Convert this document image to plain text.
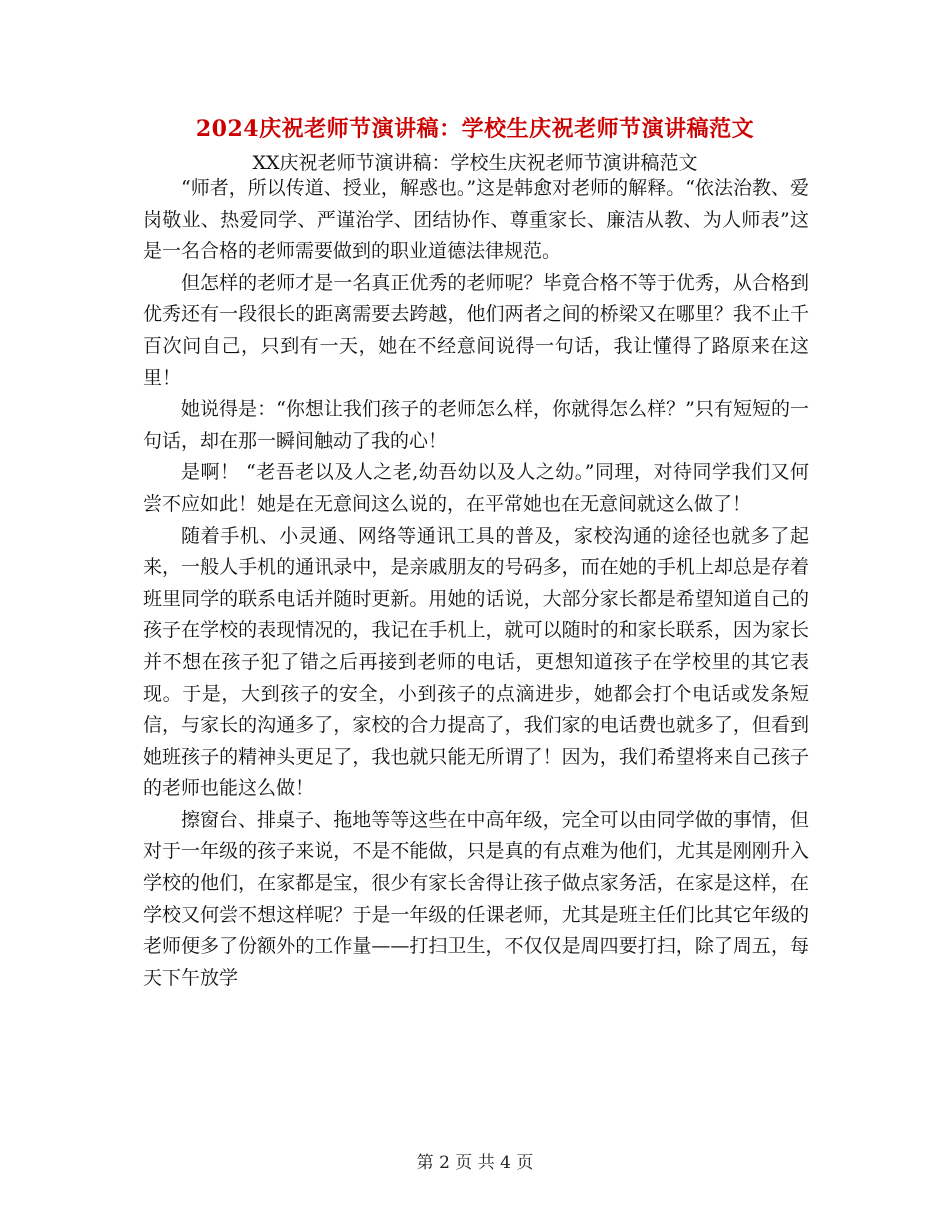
2024庆祝老师节演讲稿：学校生庆祝老师节演讲稿范文
XX庆祝老师节演讲稿：学校生庆祝老师节演讲稿范文

“师者，所以传道、授业，解惑也。”这是韩愈对老师的解释。“依法治教、爱岗敬业、热爱同学、严谨治学、团结协作、尊重家长、廉洁从教、为人师表”这是一名合格的老师需要做到的职业道德法律规范。

但怎样的老师才是一名真正优秀的老师呢？毕竟合格不等于优秀，从合格到优秀还有一段很长的距离需要去跨越，他们两者之间的桥梁又在哪里？我不止千百次问自己，只到有一天，她在不经意间说得一句话，我让懂得了路原来在这里！

她说得是：“你想让我们孩子的老师怎么样，你就得怎么样？”只有短短的一句话，却在那一瞬间触动了我的心！

是啊！ “老吾老以及人之老,幼吾幼以及人之幼。”同理，对待同学我们又何尝不应如此！她是在无意间这么说的，在平常她也在无意间就这么做了！

随着手机、小灵通、网络等通讯工具的普及，家校沟通的途径也就多了起来，一般人手机的通讯录中，是亲戚朋友的号码多，而在她的手机上却总是存着班里同学的联系电话并随时更新。用她的话说，大部分家长都是希望知道自己的孩子在学校的表现情况的，我记在手机上，就可以随时的和家长联系，因为家长并不想在孩子犯了错之后再接到老师的电话，更想知道孩子在学校里的其它表现。于是，大到孩子的安全，小到孩子的点滴进步，她都会打个电话或发条短信，与家长的沟通多了，家校的合力提高了，我们家的电话费也就多了，但看到她班孩子的精神头更足了，我也就只能无所谓了！因为，我们希望将来自己孩子的老师也能这么做！

擦窗台、排桌子、拖地等等这些在中高年级，完全可以由同学做的事情，但对于一年级的孩子来说，不是不能做，只是真的有点难为他们，尤其是刚刚升入学校的他们，在家都是宝，很少有家长舍得让孩子做点家务活，在家是这样，在学校又何尝不想这样呢？于是一年级的任课老师，尤其是班主任们比其它年级的老师便多了份额外的工作量——打扫卫生，不仅仅是周四要打扫，除了周五，每天下午放学

第 2 页 共 4 页
